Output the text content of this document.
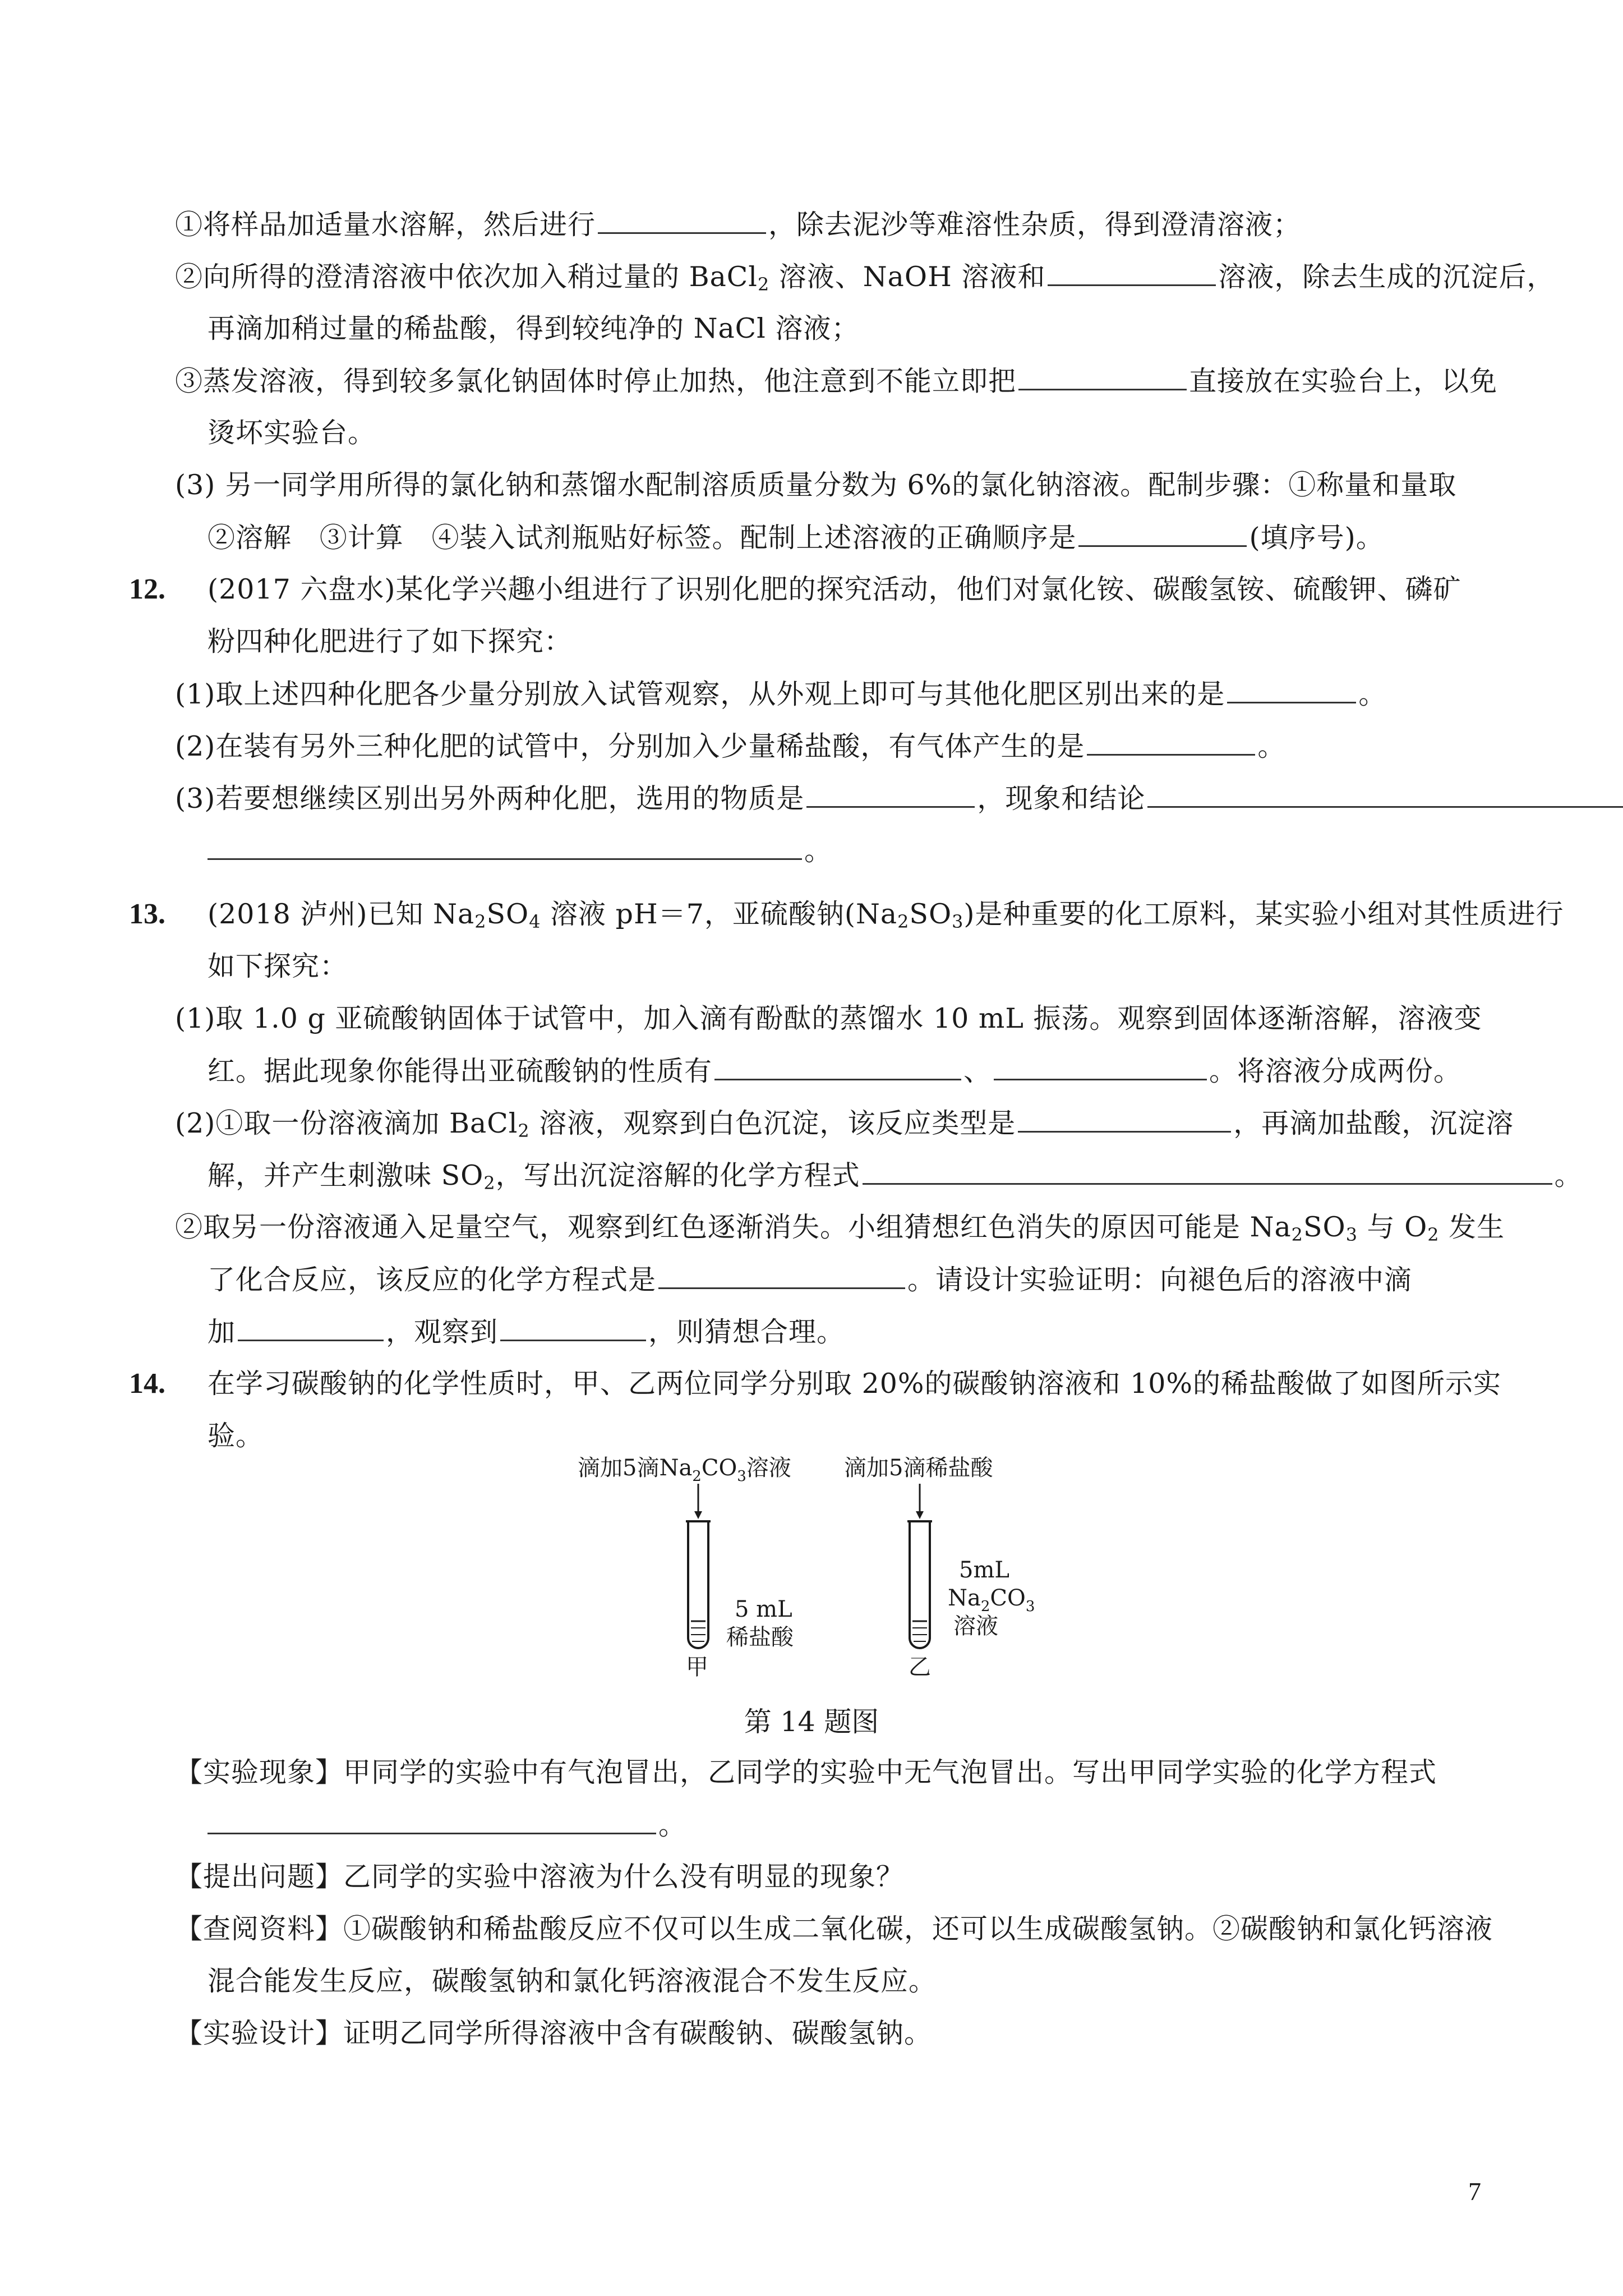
①将样品加适量水溶解，然后进行	，除去泥沙等难溶性杂质，得到澄清溶液；
②向所得的澄清溶液中依次加入稍过量的 BaCl$_2$ 溶液、NaOH 溶液和	溶液，除去生成的沉淀后，
再滴加稍过量的稀盐酸，得到较纯净的 NaCl 溶液；
③蒸发溶液，得到较多氯化钠固体时停止加热，他注意到不能立即把	直接放在实验台上，以免
烫坏实验台。
(3) 另一同学用所得的氯化钠和蒸馏水配制溶质质量分数为 6%的氯化钠溶液。配制步骤：①称量和量取
②溶解   ③计算   ④装入试剂瓶贴好标签。配制上述溶液的正确顺序是	(填序号)。
12. (2017 六盘水)某化学兴趣小组进行了识别化肥的探究活动，他们对氯化铵、碳酸氢铵、硫酸钾、磷矿
粉四种化肥进行了如下探究：
(1)取上述四种化肥各少量分别放入试管观察，从外观上即可与其他化肥区别出来的是	。
(2)在装有另外三种化肥的试管中，分别加入少量稀盐酸，有气体产生的是	。
(3)若要想继续区别出另外两种化肥，选用的物质是	，现象和结论
。
13. (2018 泸州)已知 $Na_2SO_4$ 溶液 pH＝7，亚硫酸钠$(Na_2SO_3)$是种重要的化工原料，某实验小组对其性质进行
如下探究：
(1)取 1.0 g 亚硫酸钠固体于试管中，加入滴有酚酞的蒸馏水 10 mL 振荡。观察到固体逐渐溶解，溶液变
红。据此现象你能得出亚硫酸钠的性质有	、	。将溶液分成两份。
(2)①取一份溶液滴加 BaCl$_2$ 溶液，观察到白色沉淀，该反应类型是	，再滴加盐酸，沉淀溶
解，并产生刺激味 $SO_2$，写出沉淀溶解的化学方程式	。
②取另一份溶液通入足量空气，观察到红色逐渐消失。小组猜想红色消失的原因可能是 $Na_2SO_3$ 与 $O_2$ 发生
了化合反应，该反应的化学方程式是	。请设计实验证明：向褪色后的溶液中滴
加	，观察到	，则猜想合理。
14. 在学习碳酸钠的化学性质时，甲、乙两位同学分别取 20%的碳酸钠溶液和 10%的稀盐酸做了如图所示实
验。
滴加5滴$Na_2CO_3$溶液 滴加5滴稀盐酸
5 mL
稀盐酸
甲
5mL
$Na_2CO_3$
溶液
乙
第 14 题图
【实验现象】甲同学的实验中有气泡冒出，乙同学的实验中无气泡冒出。写出甲同学实验的化学方程式
。
【提出问题】乙同学的实验中溶液为什么没有明显的现象？
【查阅资料】①碳酸钠和稀盐酸反应不仅可以生成二氧化碳，还可以生成碳酸氢钠。②碳酸钠和氯化钙溶液
混合能发生反应，碳酸氢钠和氯化钙溶液混合不发生反应。
【实验设计】证明乙同学所得溶液中含有碳酸钠、碳酸氢钠。
7
